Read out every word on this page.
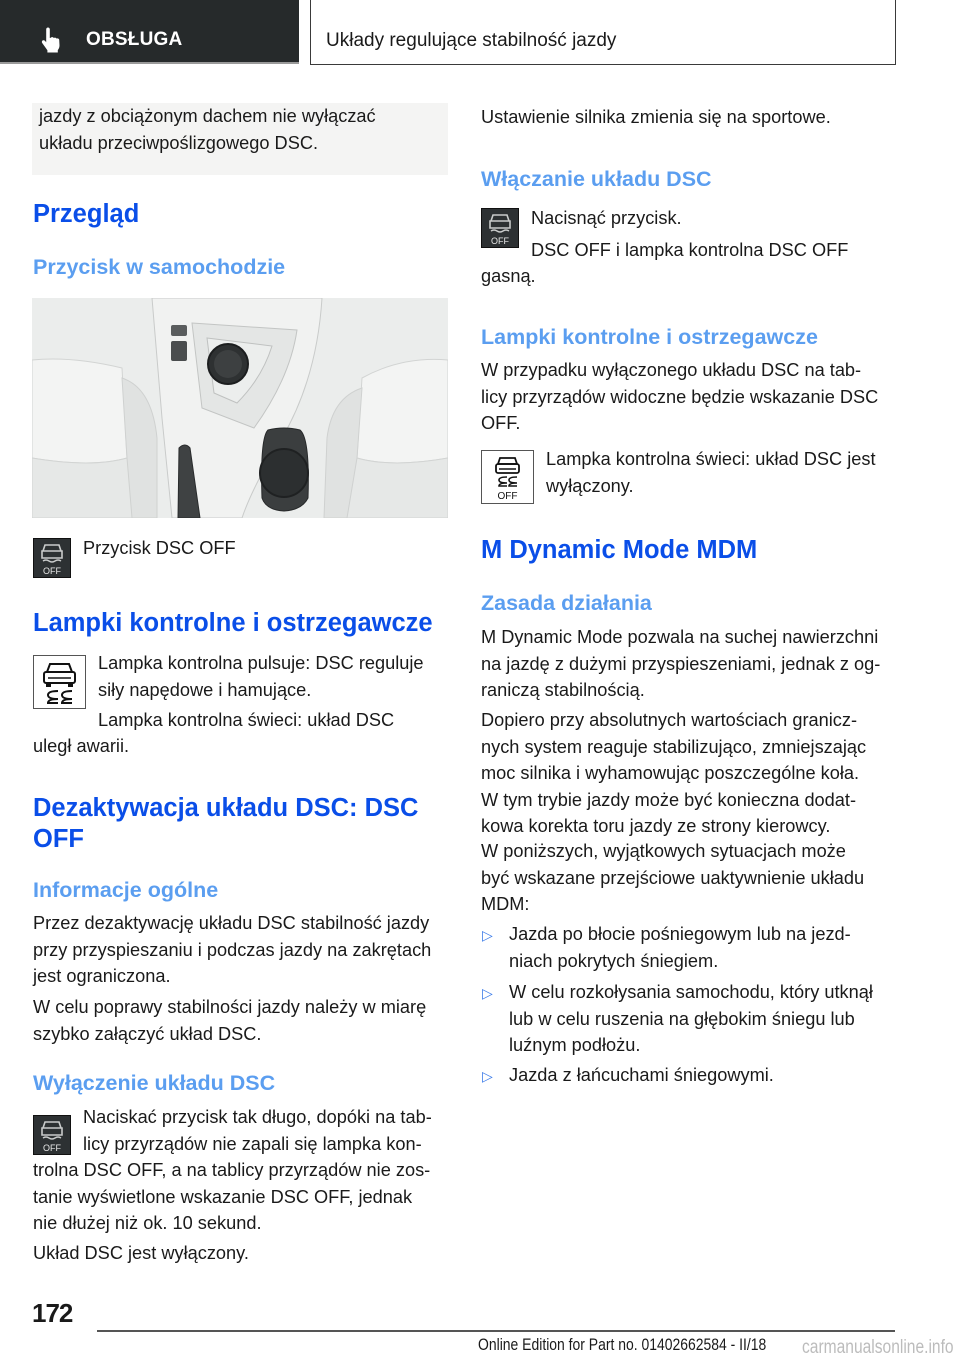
OBSŁUGA	Układy regulujące stabilność jazdy
jazdy z obciążonym dachem nie wyłączać
układu przeciwpoślizgowego DSC.
Przegląd
Przycisk w samochodzie
OFF
Przycisk DSC OFF
Lampki kontrolne i ostrzegawcze
Lampka kontrolna pulsuje: DSC reguluje
siły napędowe i hamujące.
Lampka kontrolna świeci: układ DSC
uległ awarii.
Dezaktywacja układu DSC: DSC
OFF
Informacje ogólne
Przez dezaktywację układu DSC stabilność jazdy
przy przyspieszaniu i podczas jazdy na zakrętach
jest ograniczona.
W celu poprawy stabilności jazdy należy w miarę
szybko załączyć układ DSC.
Wyłączenie układu DSC
OFF
Naciskać przycisk tak długo, dopóki na tab-
licy przyrządów nie zapali się lampka kon-
trolna DSC OFF, a na tablicy przyrządów nie zos-
tanie wyświetlone wskazanie DSC OFF, jednak
nie dłużej niż ok. 10 sekund.
Układ DSC jest wyłączony.
Ustawienie silnika zmienia się na sportowe.
Włączanie układu DSC
OFF
Nacisnąć przycisk.
DSC OFF i lampka kontrolna DSC OFF
gasną.
Lampki kontrolne i ostrzegawcze
W przypadku wyłączonego układu DSC na tab-
licy przyrządów widoczne będzie wskazanie DSC
OFF.
OFF
Lampka kontrolna świeci: układ DSC jest
wyłączony.
M Dynamic Mode MDM
Zasada działania
M Dynamic Mode pozwala na suchej nawierzchni
na jazdę z dużymi przyspieszeniami, jednak z og-
raniczą stabilnością.
Dopiero przy absolutnych wartościach granicz-
nych system reaguje stabilizująco, zmniejszając
moc silnika i wyhamowując poszczególne koła.
W tym trybie jazdy może być konieczna dodat-
kowa korekta toru jazdy ze strony kierowcy.
W poniższych, wyjątkowych sytuacjach może
być wskazane przejściowe uaktywnienie układu
MDM:
▷ Jazda po błocie pośniegowym lub na jezd-
niach pokrytych śniegiem.
▷ W celu rozkołysania samochodu, który utknął
lub w celu ruszenia na głębokim śniegu lub
luźnym podłożu.
▷ Jazda z łańcuchami śniegowymi.
172
Online Edition for Part no. 01402662584 - II/18 carmanualsonline.info
